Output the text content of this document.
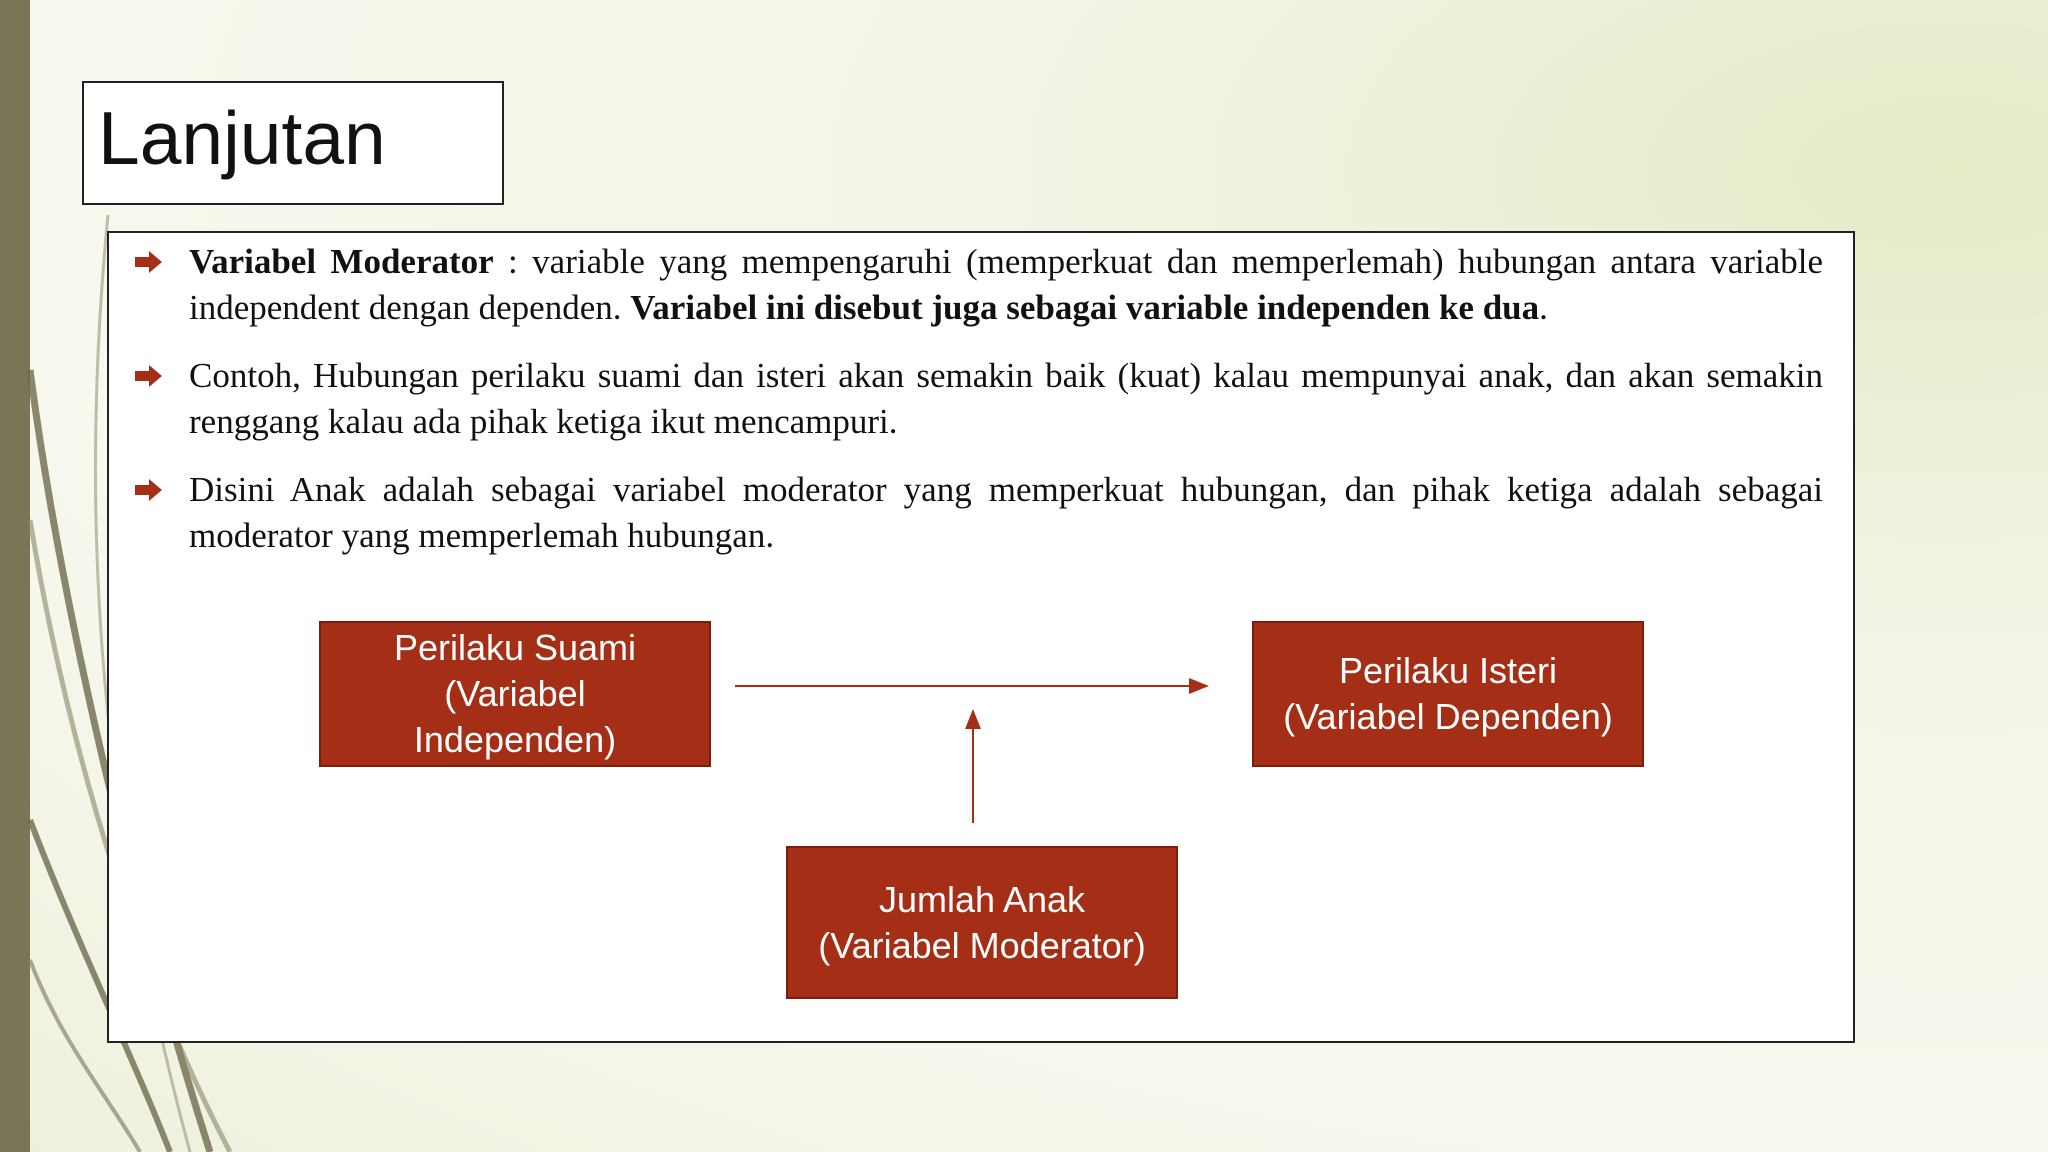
Lanjutan
Variabel Moderator : variable yang mempengaruhi (memperkuat dan memperlemah) hubungan antara variable independent dengan dependen. Variabel ini disebut juga sebagai variable independen ke dua.
Contoh, Hubungan perilaku suami dan isteri akan semakin baik (kuat) kalau mempunyai anak, dan akan semakin renggang kalau ada pihak ketiga ikut mencampuri.
Disini Anak adalah sebagai variabel moderator yang memperkuat hubungan, dan pihak ketiga adalah sebagai moderator yang memperlemah hubungan.
Perilaku Suami
(Variabel
Independen)
Perilaku Isteri
(Variabel Dependen)
Jumlah Anak
(Variabel Moderator)
